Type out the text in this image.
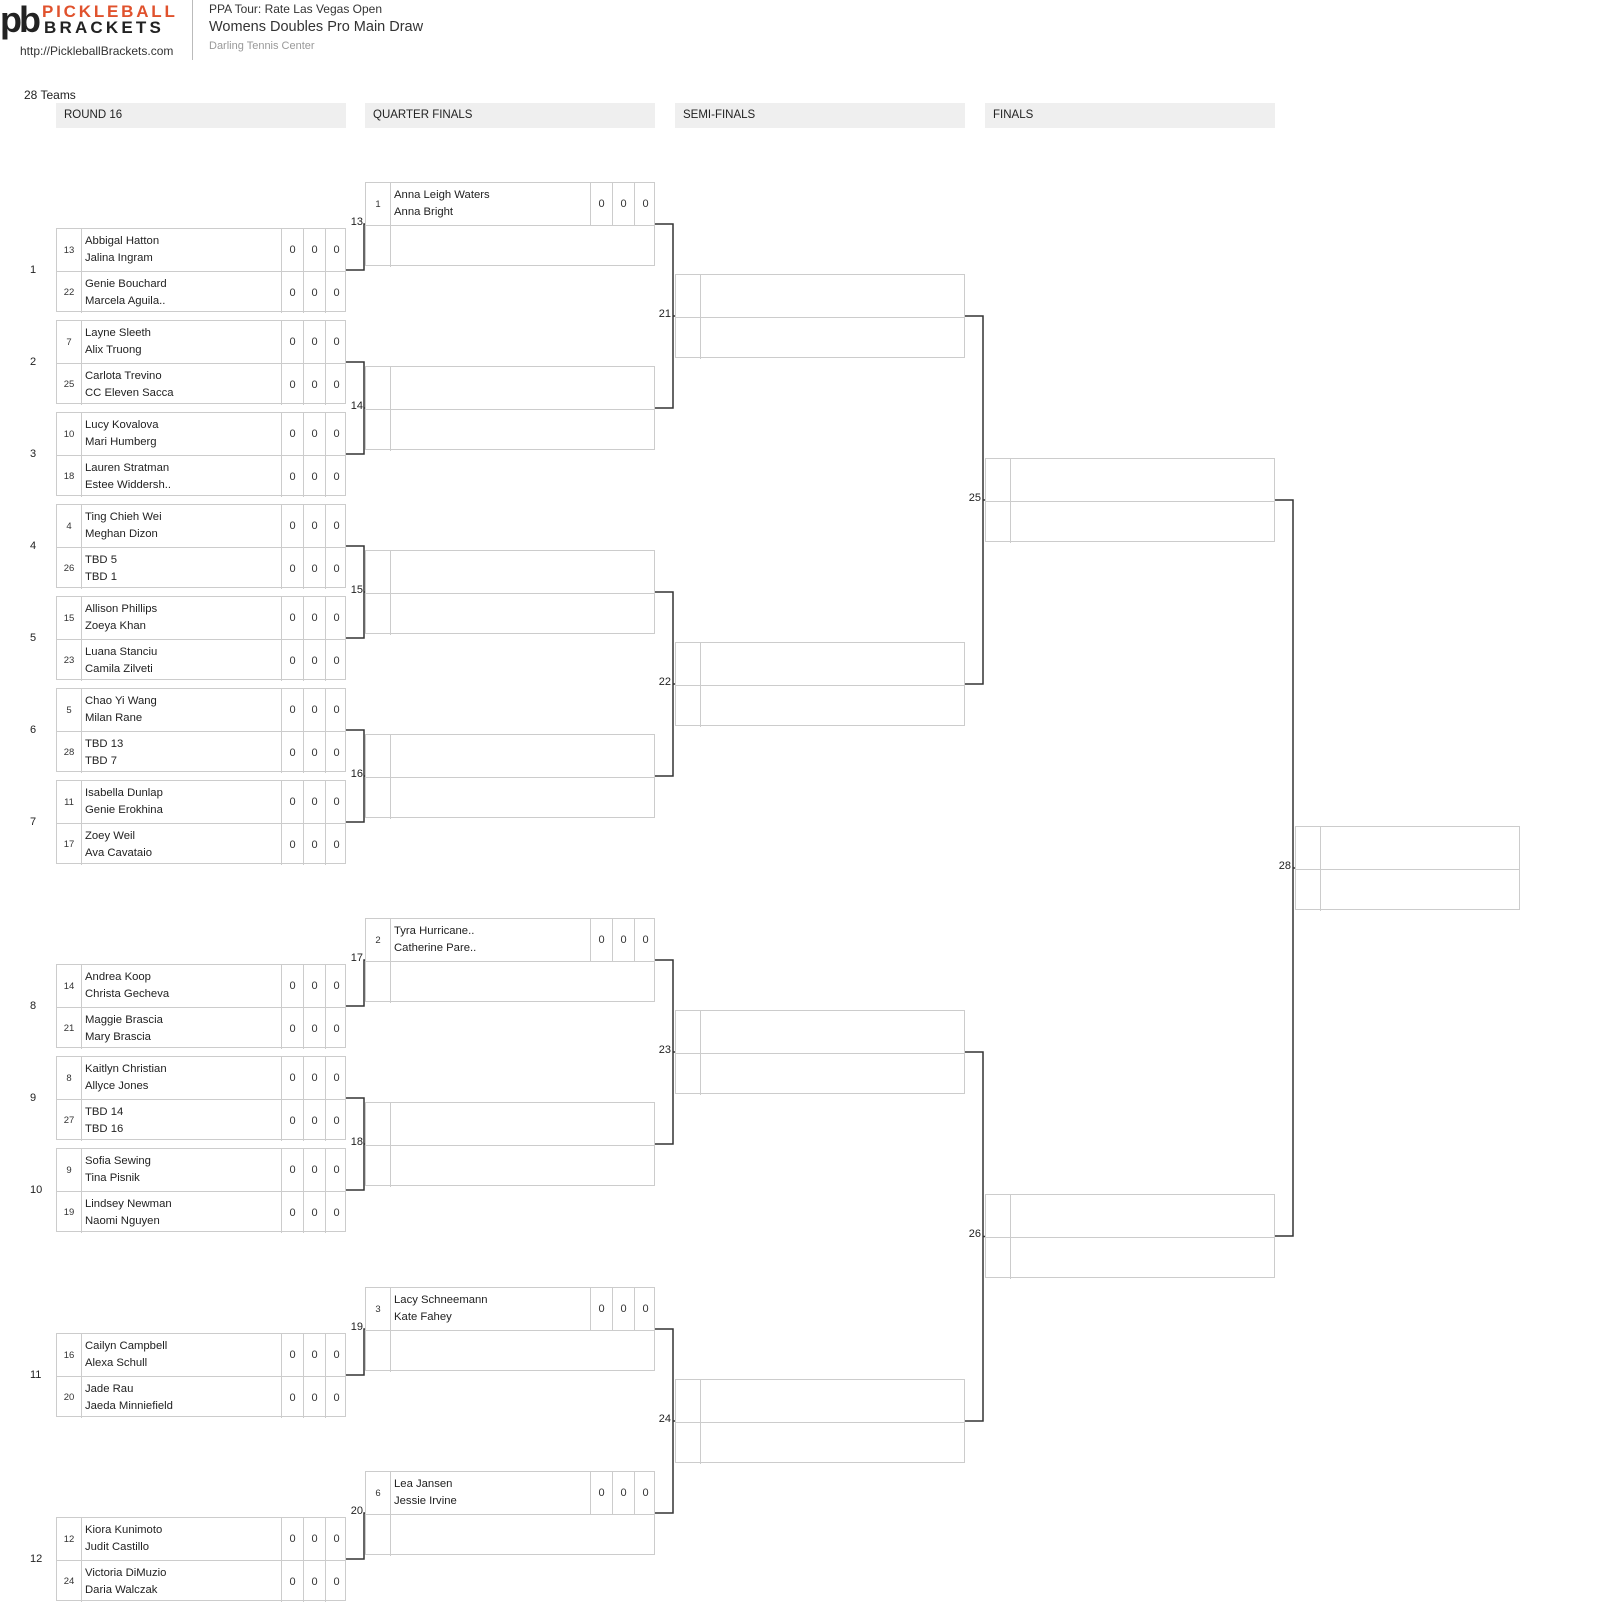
pb PICKLEBALL
BRACKETS
http://PickleballBrackets.com
PPA Tour: Rate Las Vegas Open
Womens Doubles Pro Main Draw
Darling Tennis Center
28 Teams
ROUND 16	QUARTER FINALS	SEMI-FINALS	FINALS
13
Abbigal Hatton
Jalina Ingram
0	0	0
22
Genie Bouchard
Marcela Aguila..
0	0	0
1
7
Layne Sleeth
Alix Truong
0	0	0
25
Carlota Trevino
CC Eleven Sacca
0	0	0
2
10
Lucy Kovalova
Mari Humberg
0	0	0
18
Lauren Stratman
Estee Widdersh..
0	0	0
3
4
Ting Chieh Wei
Meghan Dizon
0	0	0
26
TBD 5
TBD 1
0	0	0
4
15
Allison Phillips
Zoeya Khan
0	0	0
23
Luana Stanciu
Camila Zilveti
0	0	0
5
5
Chao Yi Wang
Milan Rane
0	0	0
28
TBD 13
TBD 7
0	0	0
6
11
Isabella Dunlap
Genie Erokhina
0	0	0
17
Zoey Weil
Ava Cavataio
0	0	0
7
14
Andrea Koop
Christa Gecheva
0	0	0
21
Maggie Brascia
Mary Brascia
0	0	0
8
8
Kaitlyn Christian
Allyce Jones
0	0	0
27
TBD 14
TBD 16
0	0	0
9
9
Sofia Sewing
Tina Pisnik
0	0	0
19
Lindsey Newman
Naomi Nguyen
0	0	0
10
16
Cailyn Campbell
Alexa Schull
0	0	0
20
Jade Rau
Jaeda Minniefield
0	0	0
11
12
Kiora Kunimoto
Judit Castillo
0	0	0
24
Victoria DiMuzio
Daria Walczak
0	0	0
12
1
Anna Leigh Waters
Anna Bright
0	0	0
13
14
15
16
2
Tyra Hurricane..
Catherine Pare..
0	0	0
17
18
3
Lacy Schneemann
Kate Fahey
0	0	0
19
6
Lea Jansen
Jessie Irvine
0	0	0
20
21
22
23
24
25
26
28
